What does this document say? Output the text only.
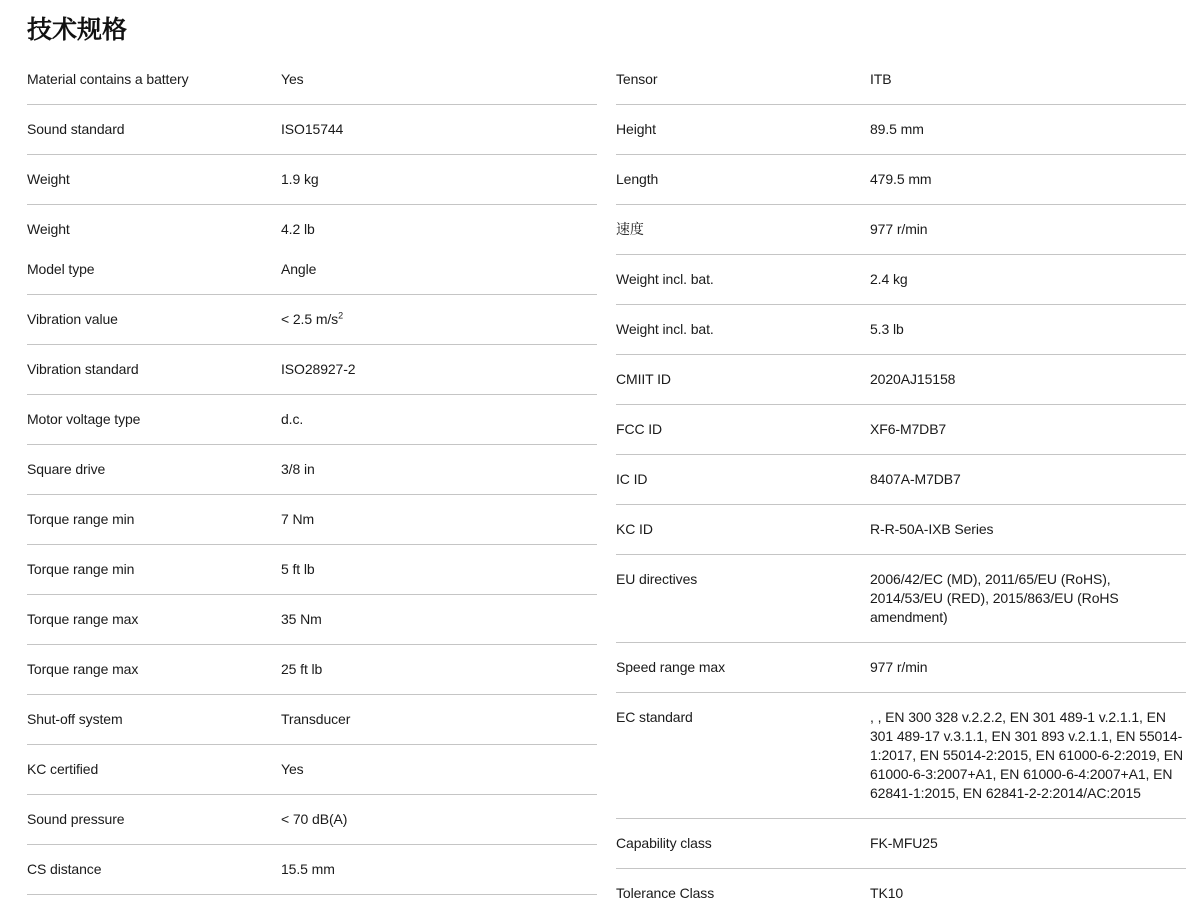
技术规格
Material contains a battery	Yes
Sound standard	ISO15744
Weight	1.9 kg
Weight	4.2 lb
Model type	Angle
Vibration value	< 2.5 $m/s^2$
Vibration standard	ISO28927-2
Motor voltage type	d.c.
Square drive	3/8 in
Torque range min	7 Nm
Torque range min	5 ft lb
Torque range max	35 Nm
Torque range max	25 ft lb
Shut-off system	Transducer
KC certified	Yes
Sound pressure	< 70 dB(A)
CS distance	15.5 mm
Tensor	ITB
Height	89.5 mm
Length	479.5 mm
速度	977 r/min
Weight incl. bat.	2.4 kg
Weight incl. bat.	5.3 lb
CMIIT ID	2020AJ15158
FCC ID	XF6-M7DB7
IC ID	8407A-M7DB7
KC ID	R-R-50A-IXB Series
EU directives	2006/42/EC (MD), 2011/65/EU (RoHS), 2014/53/EU (RED), 2015/863/EU (RoHS amendment)
Speed range max	977 r/min
EC standard	, , EN 300 328 v.2.2.2, EN 301 489-1 v.2.1.1, EN 301 489-17 v.3.1.1, EN 301 893 v.2.1.1, EN 55014-1:2017, EN 55014-2:2015, EN 61000-6-2:2019, EN 61000-6-3:2007+A1, EN 61000-6-4:2007+A1, EN 62841-1:2015, EN 62841-2-2:2014/AC:2015
Capability class	FK-MFU25
Tolerance Class	TK10
